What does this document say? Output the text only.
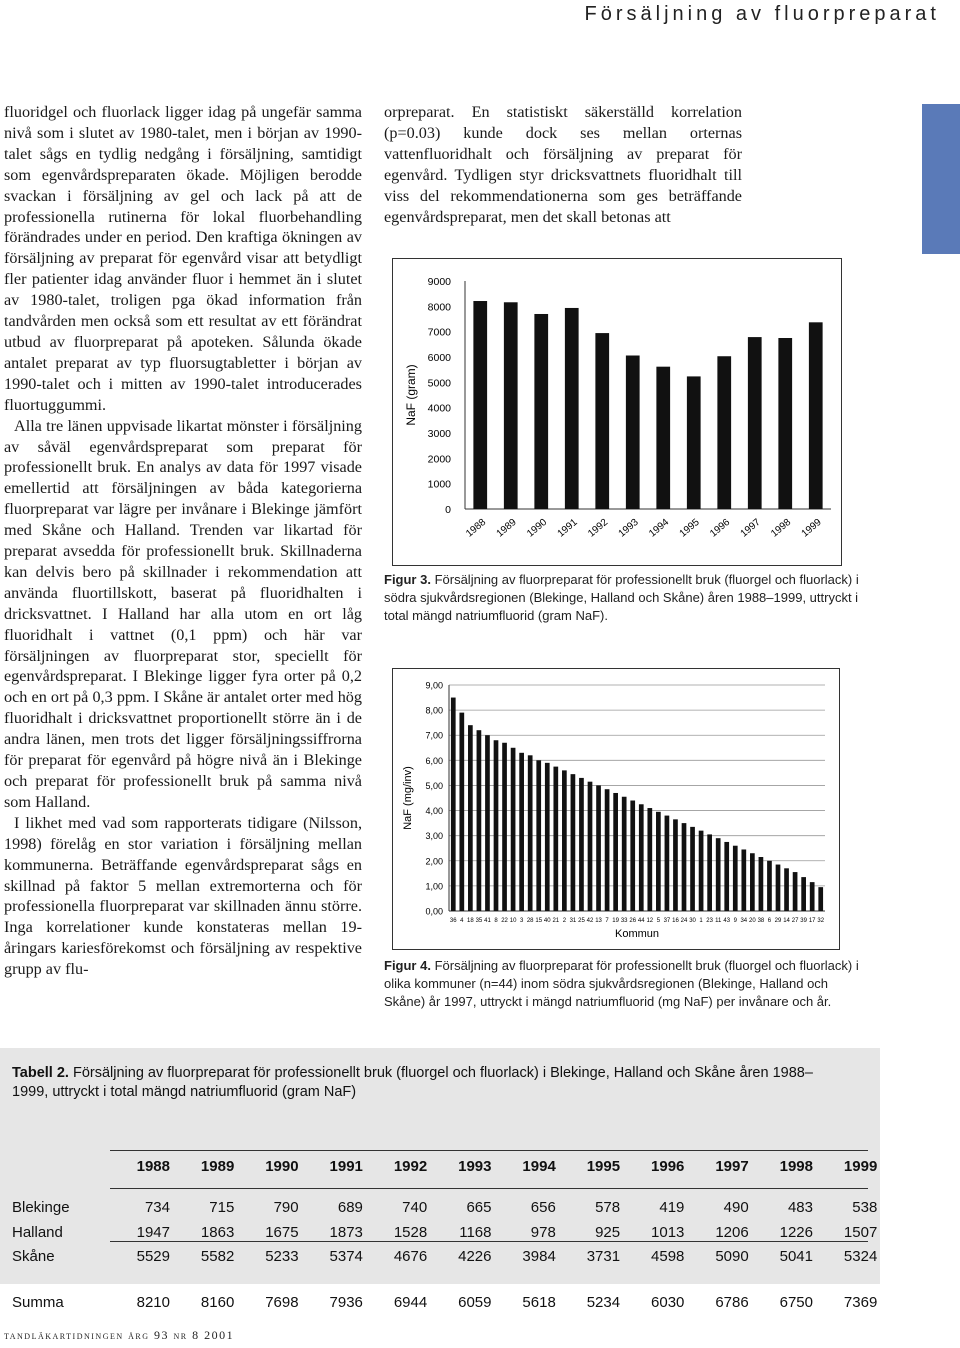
Försäljning av fluorpreparat

fluoridgel och fluorlack ligger idag på ungefär samma nivå som i slutet av 1980-talet, men i början av 1990-talet sågs en tydlig nedgång i försäljning, samtidigt som egenvårdspreparaten ökade. Möjligen berodde svackan i försäljning av gel och lack på att de professionella rutinerna för lokal fluorbehandling förändrades under en period. Den kraftiga ökningen av försäljning av preparat för egenvård visar att betydligt fler patienter idag använder fluor i hemmet än i slutet av 1980-talet, troligen pga ökad information från tandvården men också som ett resultat av ett förändrat utbud av fluorpreparat på apoteken. Sålunda ökade antalet preparat av typ fluorsugtabletter i början av 1990-talet och i mitten av 1990-talet introducerades fluortuggummi.

Alla tre länen uppvisade likartat mönster i försäljning av såväl egenvårdspreparat som preparat för professionellt bruk. En analys av data för 1997 visade emellertid att försäljningen av båda kategorierna fluorpreparat var lägre per invånare i Blekinge jämfört med Skåne och Halland. Trenden var likartad för preparat avsedda för professionellt bruk. Skillnaderna kan delvis bero på skillnader i rekommendation att använda fluortillskott, baserat på fluoridhalten i dricksvattnet. I Halland har alla utom en ort låg fluoridhalt i vattnet (0,1 ppm) och här var försäljningen av fluorpreparat stor, speciellt för egenvårdspreparat. I Blekinge ligger fyra orter på 0,2 och en ort på 0,3 ppm. I Skåne är antalet orter med hög fluoridhalt i dricksvattnet proportionellt större än i de andra länen, men trots det ligger försäljningssiffrorna för preparat för egenvård på högre nivå än i Blekinge och preparat för professionellt bruk på samma nivå som Halland.

I likhet med vad som rapporterats tidigare (Nilsson, 1998) förelåg en stor variation i försäljning mellan kommunerna. Beträffande egenvårdspreparat sågs en skillnad på faktor 5 mellan extremorterna och för professionella fluorpreparat var skillnaden ännu större. Inga korrelationer kunde konstateras mellan 19-åringars kariesförekomst och försäljning av respektive grupp av flu-

orpreparat. En statistiskt säkerställd korrelation (p=0.03) kunde dock ses mellan orternas vattenfluoridhalt och försäljning av preparat för egenvård. Tydligen styr dricksvattnets fluoridhalt till viss del rekommendationerna som ges beträffande egenvårdspreparat, men det skall betonas att

0
1000
2000
3000
4000
5000
6000
7000
8000
9000
NaF (gram)
1988 1989 1990 1991 1992 1993 1994 1995 1996 1997 1998 1999
Figur 3. Försäljning av fluorpreparat för professionellt bruk (fluorgel och fluorlack) i södra sjukvårdsregionen (Blekinge, Halland och Skåne) åren 1988–1999, uttryckt i total mängd natriumfluorid (gram NaF).
0,00
1,00
2,00
3,00
4,00
5,00
6,00
7,00
8,00
9,00
NaF (mg/inv)
36 4 18 35 41 8 22 10 3 28 15 40 21 2 31 25 42 13 7 19 33 26 44 12 5 37 16 24 30 1 23 11 43 9 34 20 38 6 29 14 27 39 17 32
Kommun
Figur 4. Försäljning av fluorpreparat för professionellt bruk (fluorgel och fluorlack) i olika kommuner (n=44) inom södra sjukvårdsregionen (Blekinge, Halland och Skåne) år 1997, uttryckt i mängd natriumfluorid (mg NaF) per invånare och år.
Tabell 2. Försäljning av fluorpreparat för professionellt bruk (fluorgel och fluorlack) i Blekinge, Halland och Skåne åren 1988–1999, uttryckt i total mängd natriumfluorid (gram NaF)
1988	1989	1990	1991	1992	1993	1994	1995	1996	1997	1998	1999
Blekinge	734	715	790	689	740	665	656	578	419	490	483	538
Halland	1947	1863	1675	1873	1528	1168	978	925	1013	1206	1226	1507
Skåne	5529	5582	5233	5374	4676	4226	3984	3731	4598	5090	5041	5324
Summa	8210	8160	7698	7936	6944	6059	5618	5234	6030	6786	6750	7369
tandläkartidningen årg 93 nr 8 2001
